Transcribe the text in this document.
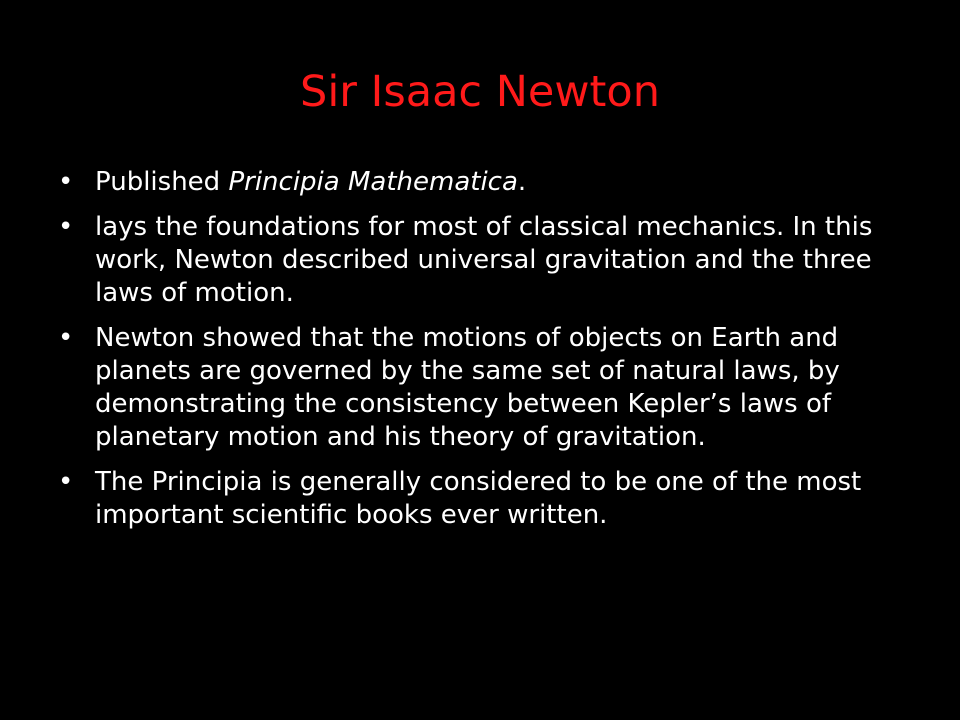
Sir Isaac Newton
• Published Principia Mathematica.
• lays the foundations for most of classical mechanics. In this work, Newton described universal gravitation and the three laws of motion.
• Newton showed that the motions of objects on Earth and planets are governed by the same set of natural laws, by demonstrating the consistency between Kepler’s laws of planetary motion and his theory of gravitation.
• The Principia is generally considered to be one of the most important scientific books ever written.
